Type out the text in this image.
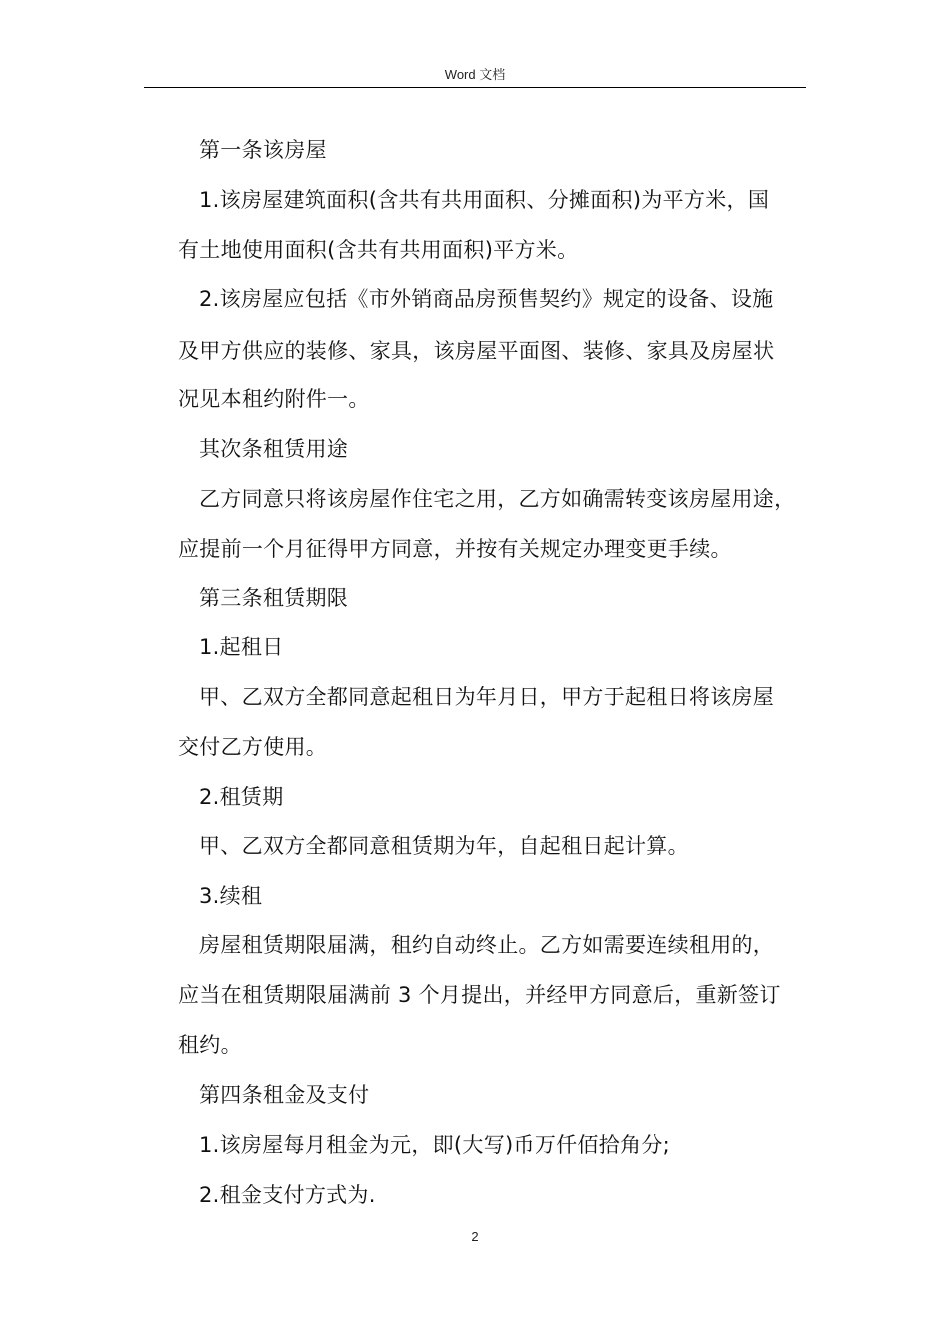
Word 文档
第一条该房屋
1.该房屋建筑面积(含共有共用面积、分摊面积)为平方米，国
有土地使用面积(含共有共用面积)平方米。
2.该房屋应包括《市外销商品房预售契约》规定的设备、设施
及甲方供应的装修、家具，该房屋平面图、装修、家具及房屋状
况见本租约附件一。
其次条租赁用途
乙方同意只将该房屋作住宅之用，乙方如确需转变该房屋用途，
应提前一个月征得甲方同意，并按有关规定办理变更手续。
第三条租赁期限
1.起租日
甲、乙双方全都同意起租日为年月日，甲方于起租日将该房屋
交付乙方使用。
2.租赁期
甲、乙双方全都同意租赁期为年，自起租日起计算。
3.续租
房屋租赁期限届满，租约自动终止。乙方如需要连续租用的，
应当在租赁期限届满前 3 个月提出，并经甲方同意后，重新签订
租约。
第四条租金及支付
1.该房屋每月租金为元，即(大写)币万仟佰拾角分;
2.租金支付方式为.
2
